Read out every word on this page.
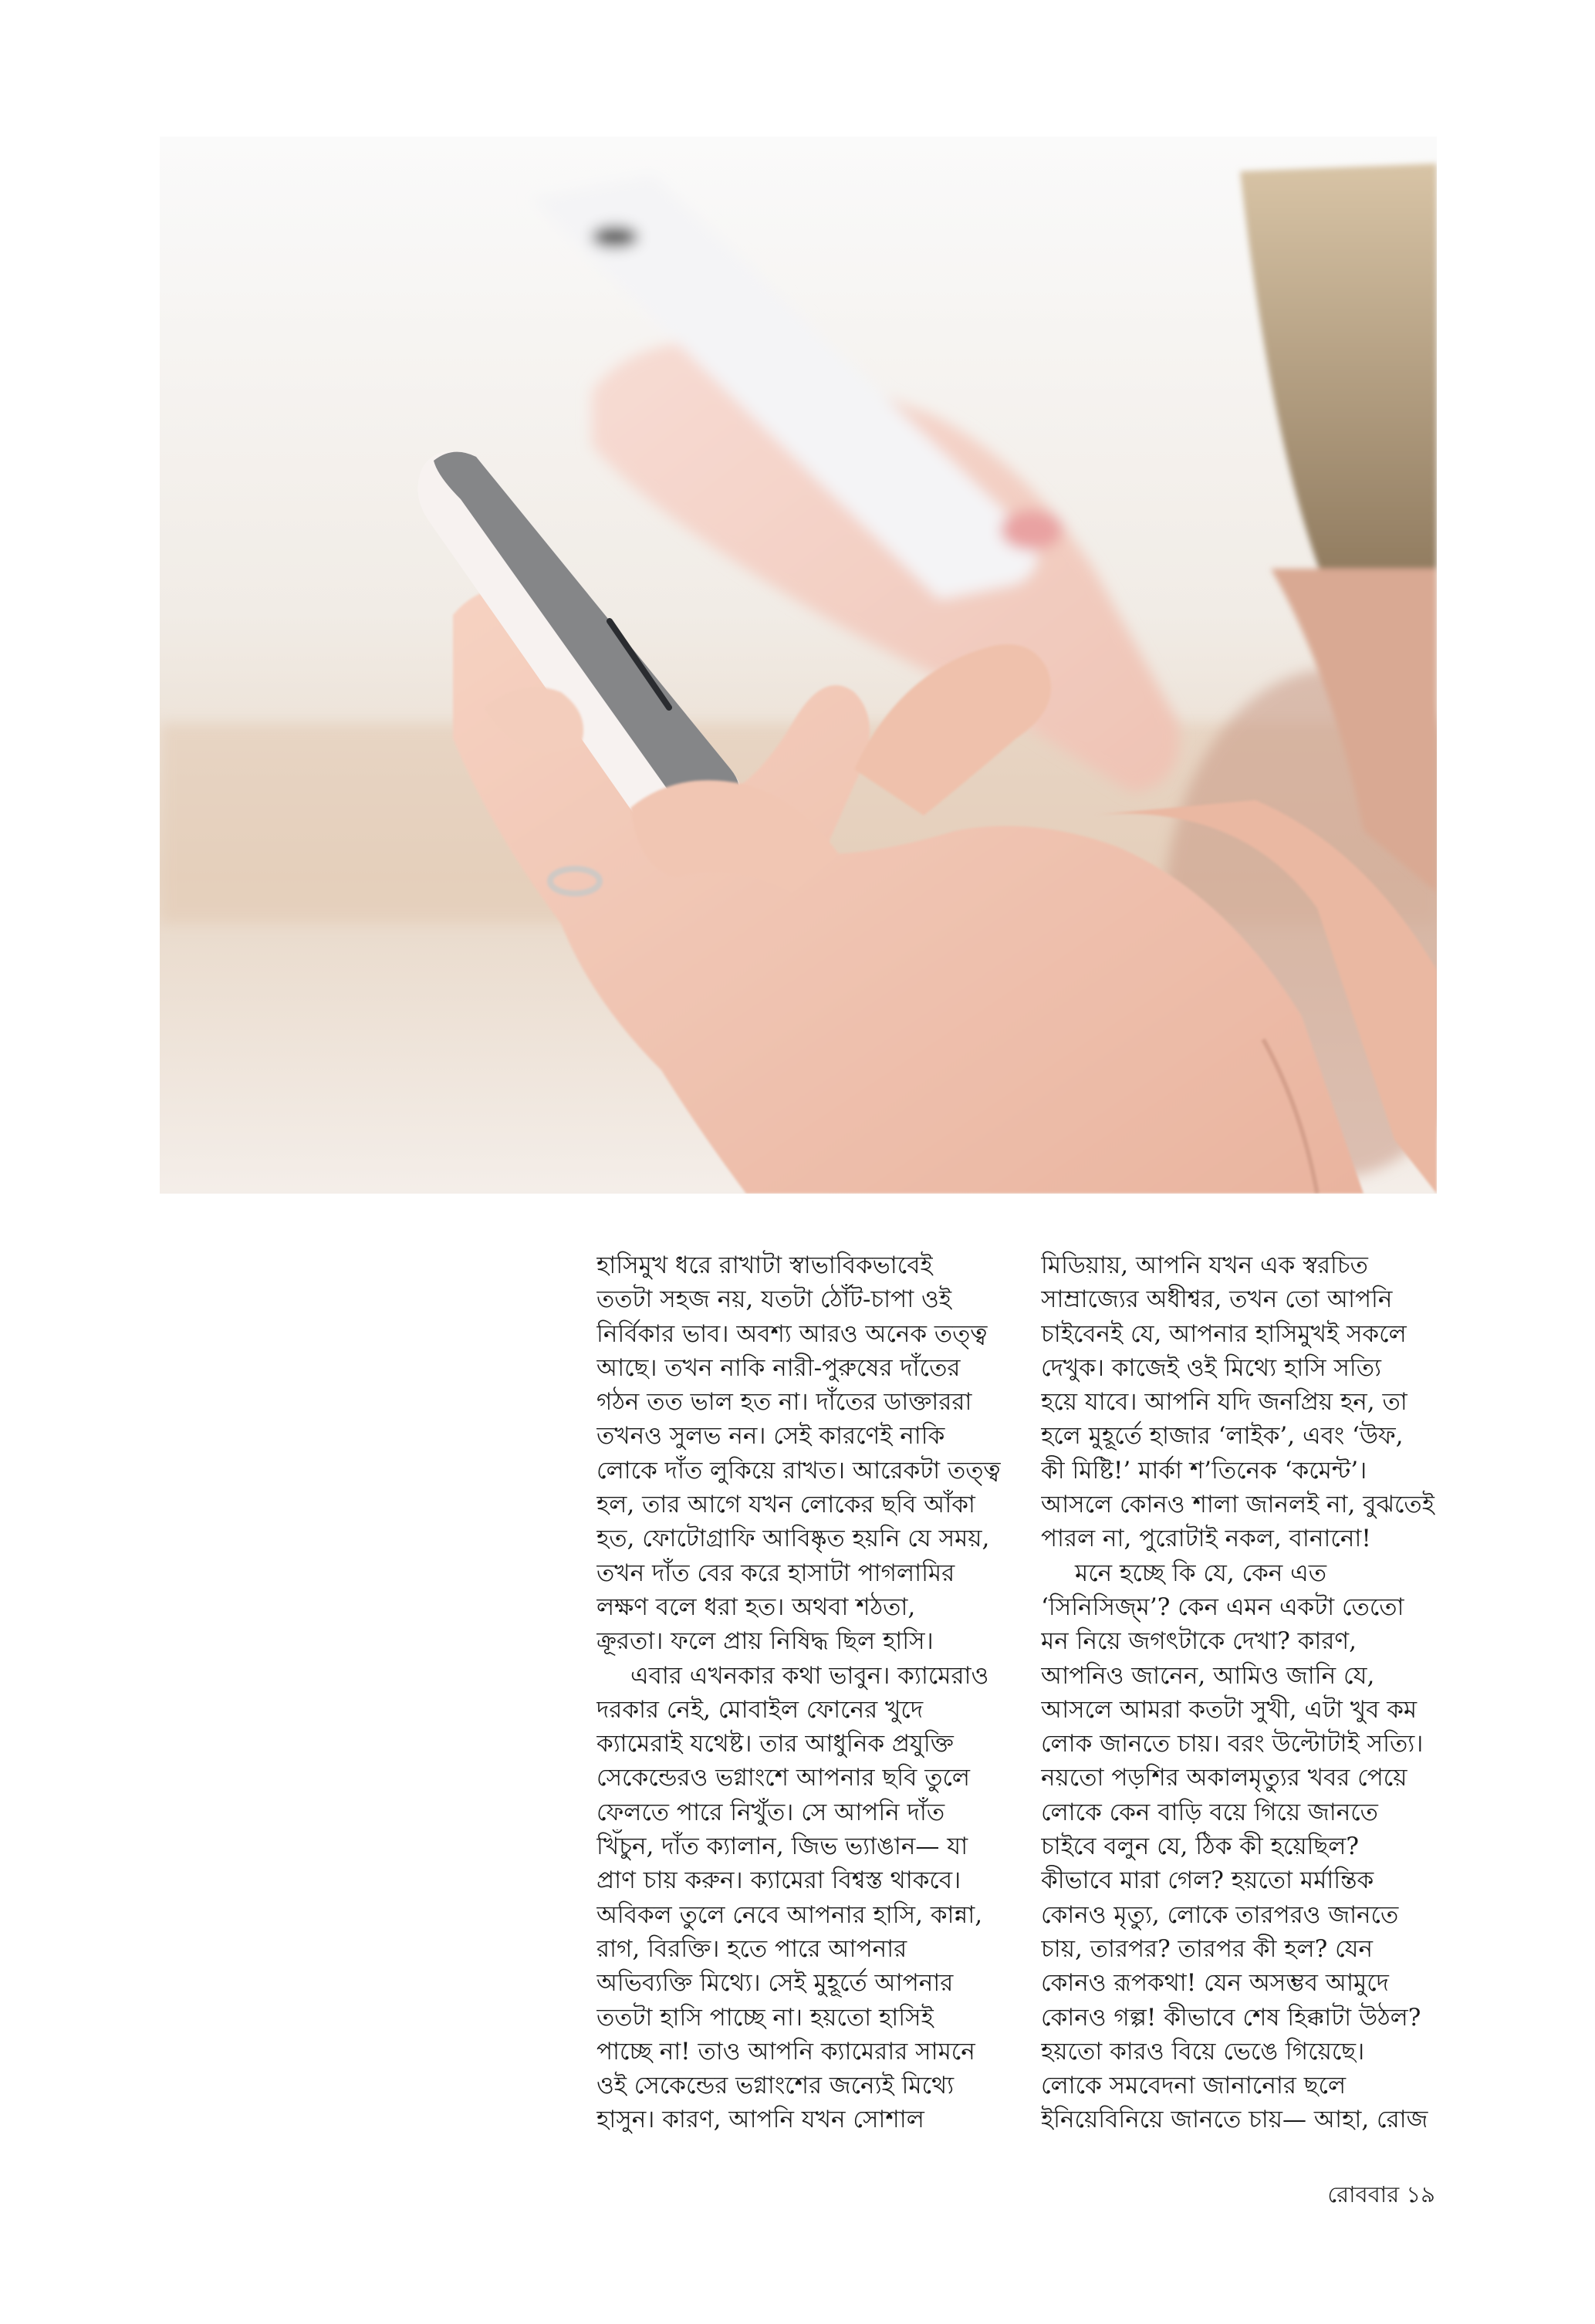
হাসিমুখ ধরে রাখাটা স্বাভাবিকভাবেই
ততটা সহজ নয়, যতটা ঠোঁট-চাপা ওই
নির্বিকার ভাব। অবশ্য আরও অনেক তত্ত্ব
আছে। তখন নাকি নারী-পুরুষের দাঁতের
গঠন তত ভাল হত না। দাঁতের ডাক্তাররা
তখনও সুলভ নন। সেই কারণেই নাকি
লোকে দাঁত লুকিয়ে রাখত। আরেকটা তত্ত্ব
হল, তার আগে যখন লোকের ছবি আঁকা
হত, ফোটোগ্রাফি আবিষ্কৃত হয়নি যে সময়,
তখন দাঁত বের করে হাসাটা পাগলামির
লক্ষণ বলে ধরা হত। অথবা শঠতা,
ক্রূরতা। ফলে প্রায় নিষিদ্ধ ছিল হাসি।
এবার এখনকার কথা ভাবুন। ক্যামেরাও
দরকার নেই, মোবাইল ফোনের খুদে
ক্যামেরাই যথেষ্ট। তার আধুনিক প্রযুক্তি
সেকেন্ডেরও ভগ্নাংশে আপনার ছবি তুলে
ফেলতে পারে নিখুঁত। সে আপনি দাঁত
খিঁচুন, দাঁত ক্যালান, জিভ ভ্যাঙান— যা
প্রাণ চায় করুন। ক্যামেরা বিশ্বস্ত থাকবে।
অবিকল তুলে নেবে আপনার হাসি, কান্না,
রাগ, বিরক্তি। হতে পারে আপনার
অভিব্যক্তি মিথ্যে। সেই মুহূর্তে আপনার
ততটা হাসি পাচ্ছে না। হয়তো হাসিই
পাচ্ছে না! তাও আপনি ক্যামেরার সামনে
ওই সেকেন্ডের ভগ্নাংশের জন্যেই মিথ্যে
হাসুন। কারণ, আপনি যখন সোশাল
মিডিয়ায়, আপনি যখন এক স্বরচিত
সাম্রাজ্যের অধীশ্বর, তখন তো আপনি
চাইবেনই যে, আপনার হাসিমুখই সকলে
দেখুক। কাজেই ওই মিথ্যে হাসি সত্যি
হয়ে যাবে। আপনি যদি জনপ্রিয় হন, তা
হলে মুহূর্তে হাজার ‘লাইক’, এবং ‘উফ,
কী মিষ্টি!’ মার্কা শ’তিনেক ‘কমেন্ট’।
আসলে কোনও শালা জানলই না, বুঝতেই
পারল না, পুরোটাই নকল, বানানো!
মনে হচ্ছে কি যে, কেন এত
‘সিনিসিজ্‌ম’? কেন এমন একটা তেতো
মন নিয়ে জগৎটাকে দেখা? কারণ,
আপনিও জানেন, আমিও জানি যে,
আসলে আমরা কতটা সুখী, এটা খুব কম
লোক জানতে চায়। বরং উল্টোটাই সত্যি।
নয়তো পড়শির অকালমৃত্যুর খবর পেয়ে
লোকে কেন বাড়ি বয়ে গিয়ে জানতে
চাইবে বলুন যে, ঠিক কী হয়েছিল?
কীভাবে মারা গেল? হয়তো মর্মান্তিক
কোনও মৃত্যু, লোকে তারপরও জানতে
চায়, তারপর? তারপর কী হল? যেন
কোনও রূপকথা! যেন অসম্ভব আমুদে
কোনও গল্প! কীভাবে শেষ হিক্কাটা উঠল?
হয়তো কারও বিয়ে ভেঙে গিয়েছে।
লোকে সমবেদনা জানানোর ছলে
ইনিয়েবিনিয়ে জানতে চায়— আহা, রোজ
রোববার ১৯
